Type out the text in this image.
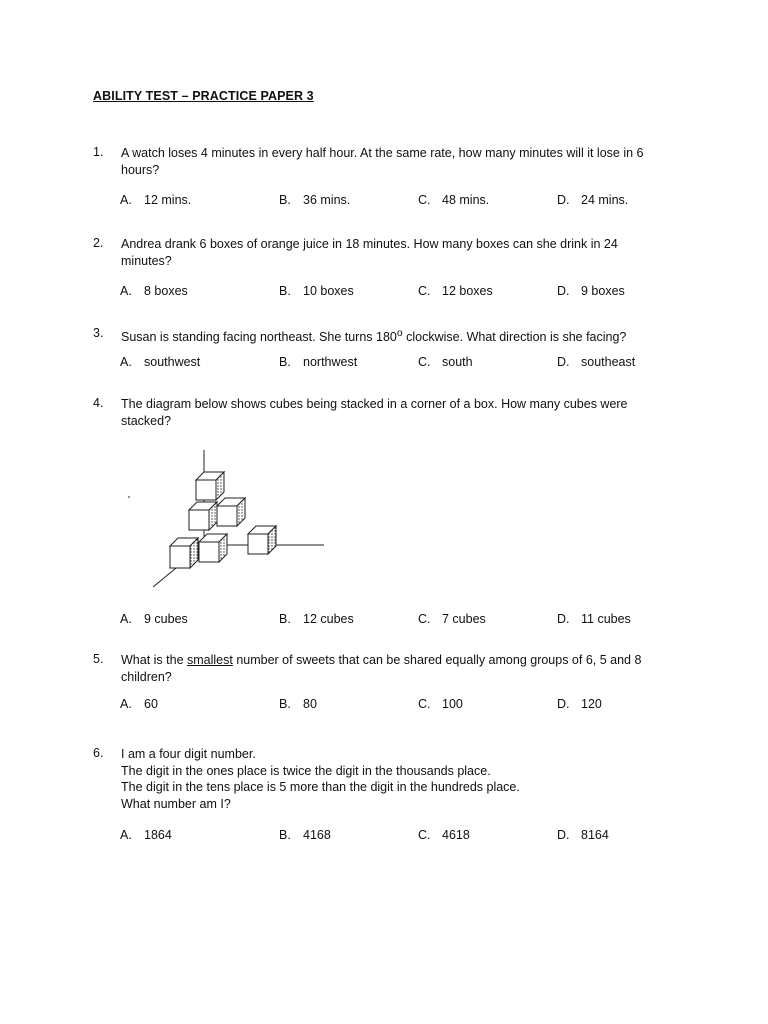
ABILITY TEST – PRACTICE PAPER 3
1. A watch loses 4 minutes in every half hour. At the same rate, how many minutes will it lose in 6
hours?
A. 12 mins.	B. 36 mins.	C. 48 mins.	D. 24 mins.
2. Andrea drank 6 boxes of orange juice in 18 minutes. How many boxes can she drink in 24
minutes?
A. 8 boxes	B. 10 boxes	C. 12 boxes	D. 9 boxes
3. Susan is standing facing northeast. She turns 180$^o$ clockwise. What direction is she facing?
A. southwest	B. northwest	C. south	D. southeast
4. The diagram below shows cubes being stacked in a corner of a box. How many cubes were
stacked?
A. 9 cubes	B. 12 cubes	C. 7 cubes	D. 11 cubes
5. What is the smallest number of sweets that can be shared equally among groups of 6, 5 and 8
children?
A. 60	B. 80	C. 100	D. 120
6. I am a four digit number.
The digit in the ones place is twice the digit in the thousands place.
The digit in the tens place is 5 more than the digit in the hundreds place.
What number am I?
A. 1864	B. 4168	C. 4618	D. 8164
